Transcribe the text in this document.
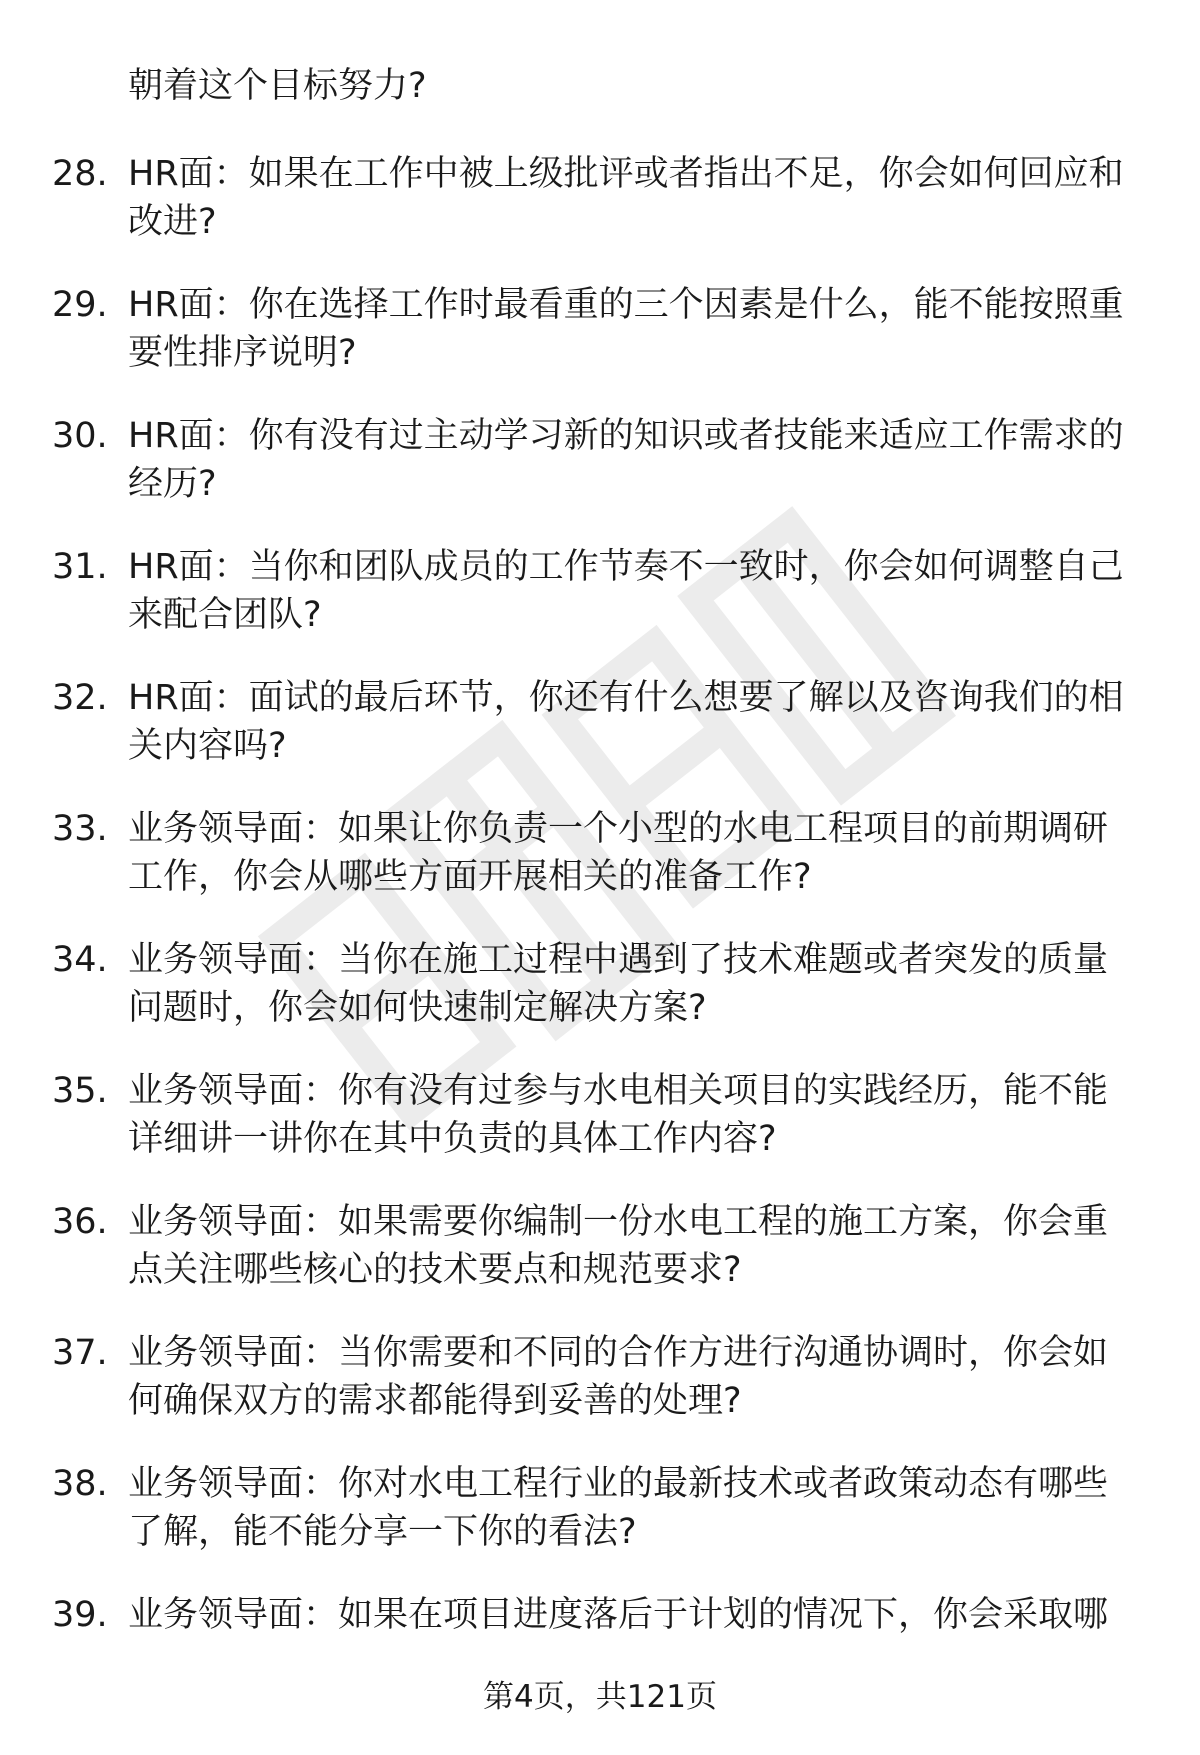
朝着这个目标努力?
28. HR面：如果在工作中被上级批评或者指出不足，你会如何回应和
改进?
29. HR面：你在选择工作时最看重的三个因素是什么，能不能按照重
要性排序说明?
30. HR面：你有没有过主动学习新的知识或者技能来适应工作需求的
经历?
31. HR面：当你和团队成员的工作节奏不一致时，你会如何调整自己
来配合团队?
32. HR面：面试的最后环节，你还有什么想要了解以及咨询我们的相
关内容吗?
33. 业务领导面：如果让你负责一个小型的水电工程项目的前期调研
工作，你会从哪些方面开展相关的准备工作?
34. 业务领导面：当你在施工过程中遇到了技术难题或者突发的质量
问题时，你会如何快速制定解决方案?
35. 业务领导面：你有没有过参与水电相关项目的实践经历，能不能
详细讲一讲你在其中负责的具体工作内容?
36. 业务领导面：如果需要你编制一份水电工程的施工方案，你会重
点关注哪些核心的技术要点和规范要求?
37. 业务领导面：当你需要和不同的合作方进行沟通协调时，你会如
何确保双方的需求都能得到妥善的处理?
38. 业务领导面：你对水电工程行业的最新技术或者政策动态有哪些
了解，能不能分享一下你的看法?
39. 业务领导面：如果在项目进度落后于计划的情况下，你会采取哪
第4页，共121页
